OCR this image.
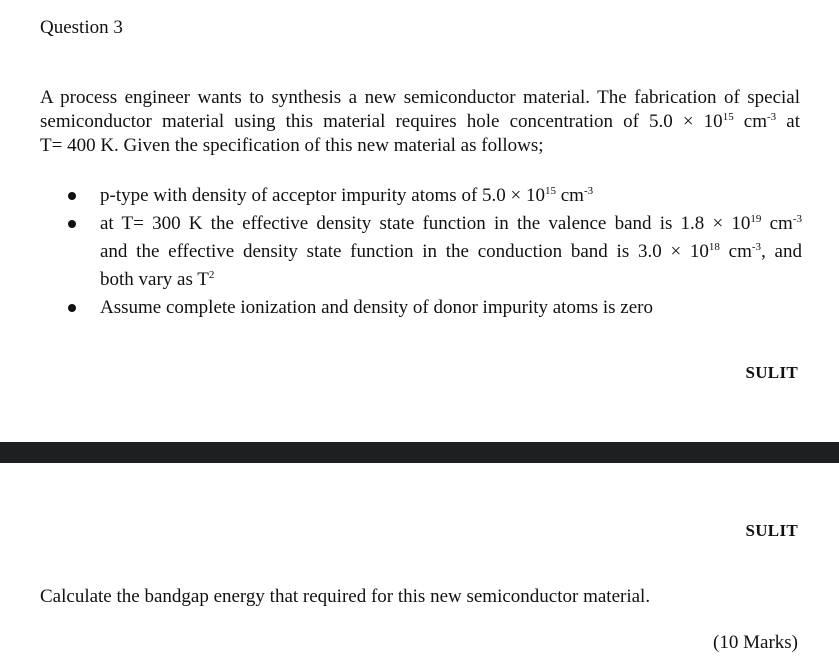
Question 3
A process engineer wants to synthesis a new semiconductor material. The fabrication of special
semiconductor material using this material requires hole concentration of $5.0 \times 10^{15}$ $cm^{-3}$ at
T= 400 K. Given the specification of this new material as follows;
p-type with density of acceptor impurity atoms of $5.0 \times 10^{15}$ $cm^{-3}$
at T= 300 K the effective density state function in the valence band is $1.8 \times 10^{19}$ $cm^{-3}$
and the effective density state function in the conduction band is $3.0 \times 10^{18}$ $cm^{-3}$, and
both vary as $T^2$
Assume complete ionization and density of donor impurity atoms is zero
SULIT
SULIT
Calculate the bandgap energy that required for this new semiconductor material.
(10 Marks)
